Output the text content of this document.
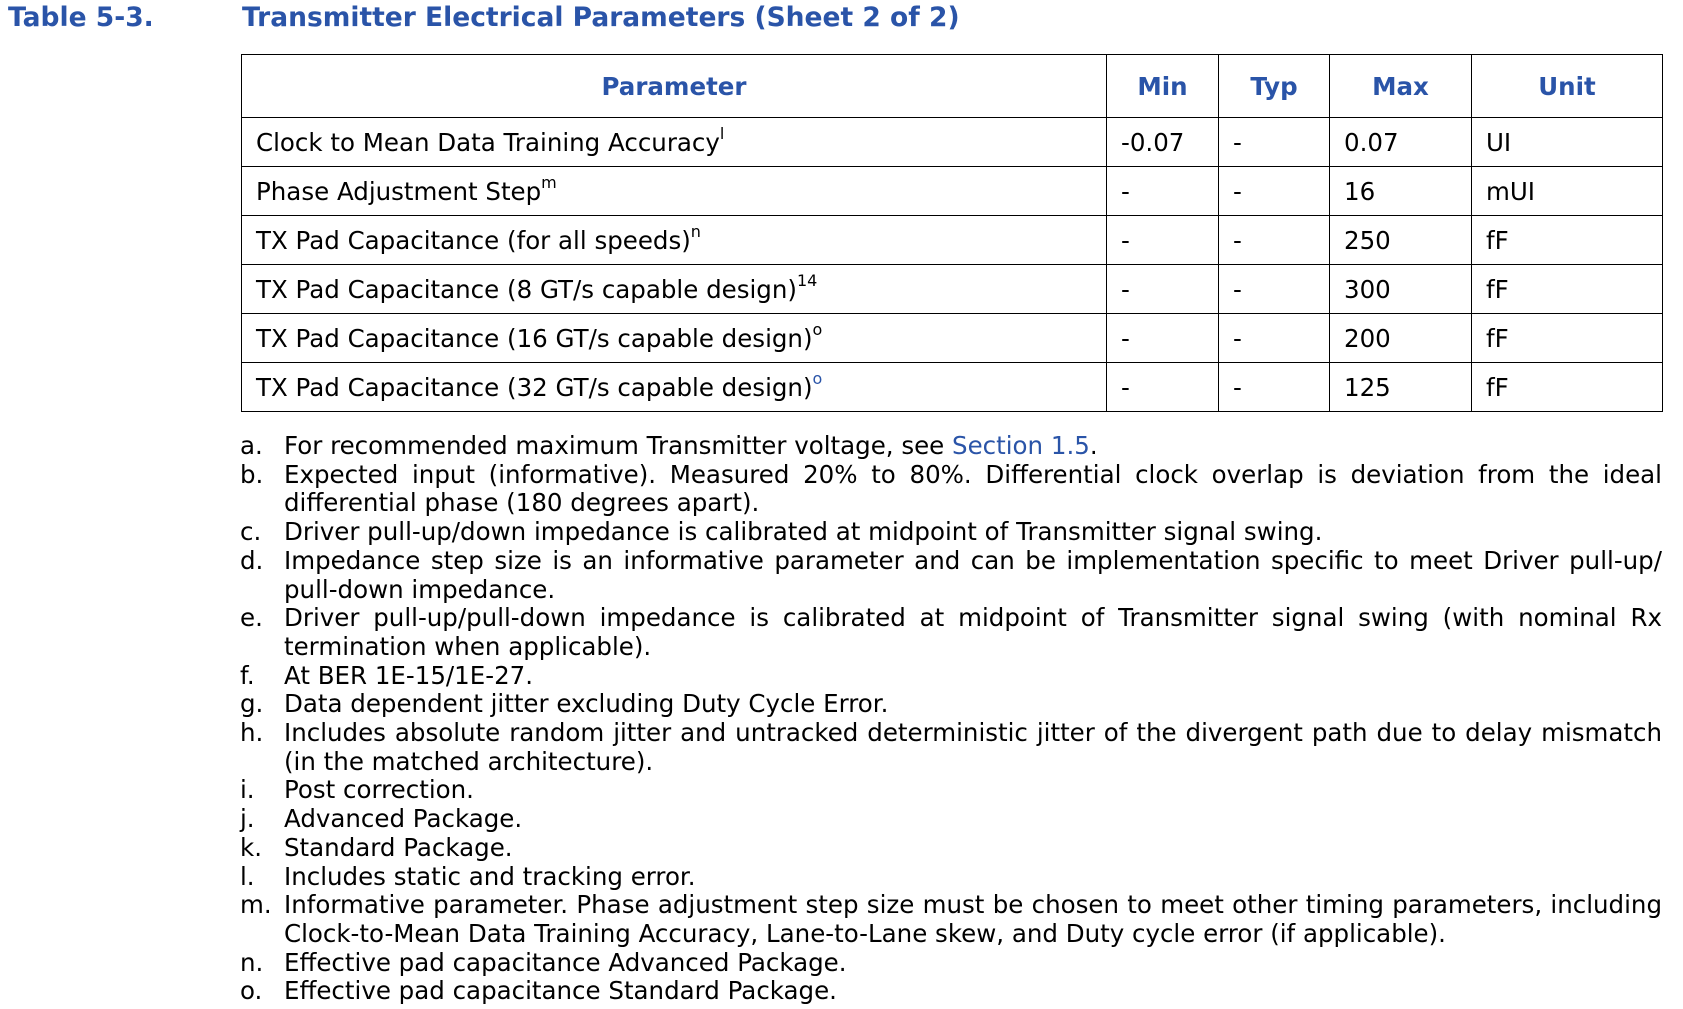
Table 5-3.	Transmitter Electrical Parameters (Sheet 2 of 2)
Parameter	Min	Typ	Max	Unit
Clock to Mean Data Training Accuracy$^l$	-0.07	-	0.07	UI
Phase Adjustment Step$^m$	-	-	16	mUI
TX Pad Capacitance (for all speeds)$^n$	-	-	250	fF
TX Pad Capacitance (8 GT/s capable design)$^{14}$	-	-	300	fF
TX Pad Capacitance (16 GT/s capable design)$^o$	-	-	200	fF
TX Pad Capacitance (32 GT/s capable design)$^o$	-	-	125	fF
a. For recommended maximum Transmitter voltage, see Section 1.5.
b. Expected input (informative). Measured 20% to 80%. Differential clock overlap is deviation from the ideal differential phase (180 degrees apart).
c. Driver pull-up/down impedance is calibrated at midpoint of Transmitter signal swing.
d. Impedance step size is an informative parameter and can be implementation specific to meet Driver pull-up/ pull-down impedance.
e. Driver pull-up/pull-down impedance is calibrated at midpoint of Transmitter signal swing (with nominal Rx termination when applicable).
f. At BER 1E-15/1E-27.
g. Data dependent jitter excluding Duty Cycle Error.
h. Includes absolute random jitter and untracked deterministic jitter of the divergent path due to delay mismatch (in the matched architecture).
i. Post correction.
j. Advanced Package.
k. Standard Package.
l. Includes static and tracking error.
m. Informative parameter. Phase adjustment step size must be chosen to meet other timing parameters, including Clock-to-Mean Data Training Accuracy, Lane-to-Lane skew, and Duty cycle error (if applicable).
n. Effective pad capacitance Advanced Package.
o. Effective pad capacitance Standard Package.
